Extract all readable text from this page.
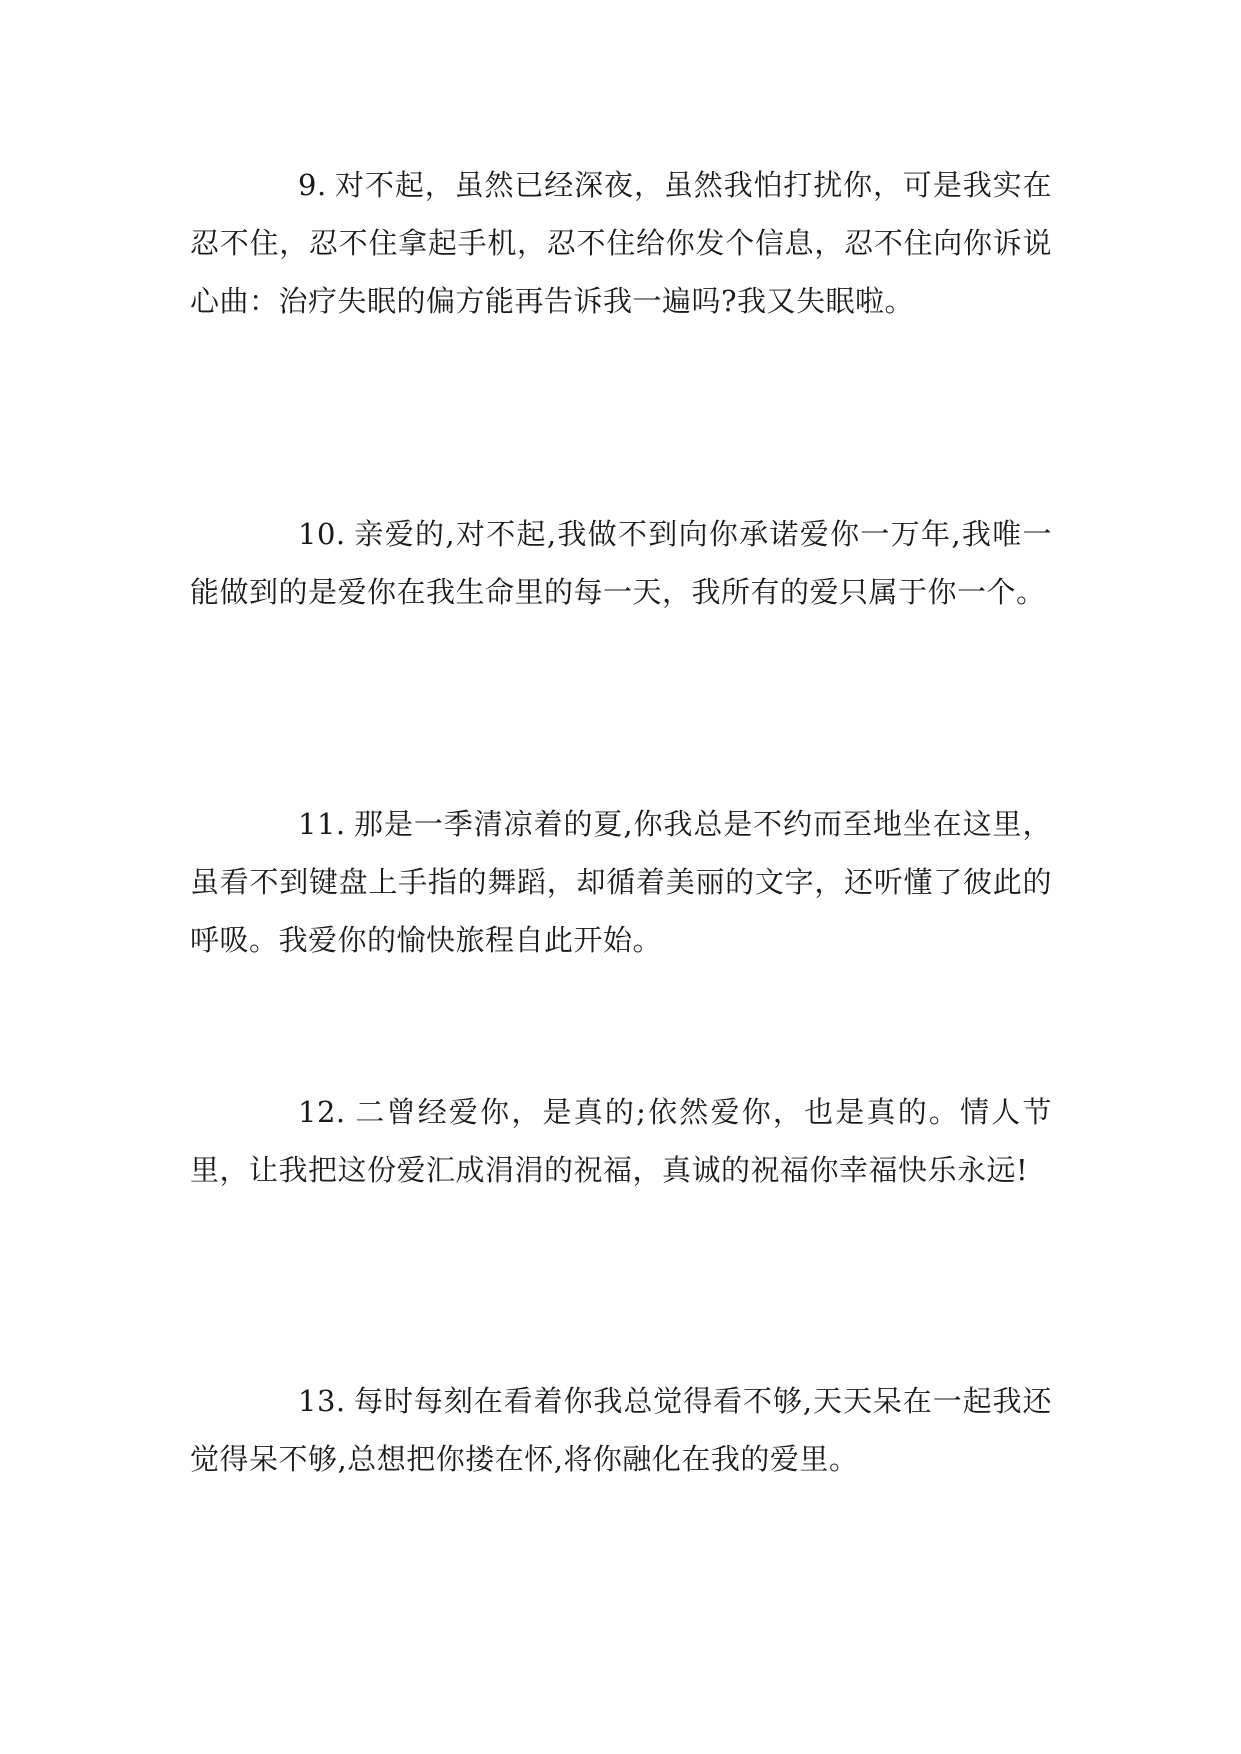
9. 对不起，虽然已经深夜，虽然我怕打扰你，可是我实在忍不住，忍不住拿起手机，忍不住给你发个信息，忍不住向你诉说心曲：治疗失眠的偏方能再告诉我一遍吗?我又失眠啦。

10. 亲爱的,对不起,我做不到向你承诺爱你一万年,我唯一能做到的是爱你在我生命里的每一天，我所有的爱只属于你一个。

11. 那是一季清凉着的夏,你我总是不约而至地坐在这里，虽看不到键盘上手指的舞蹈，却循着美丽的文字，还听懂了彼此的呼吸。我爱你的愉快旅程自此开始。

12. 二曾经爱你，是真的;依然爱你，也是真的。情人节里，让我把这份爱汇成涓涓的祝福，真诚的祝福你幸福快乐永远!

13. 每时每刻在看着你我总觉得看不够,天天呆在一起我还觉得呆不够,总想把你搂在怀,将你融化在我的爱里。
